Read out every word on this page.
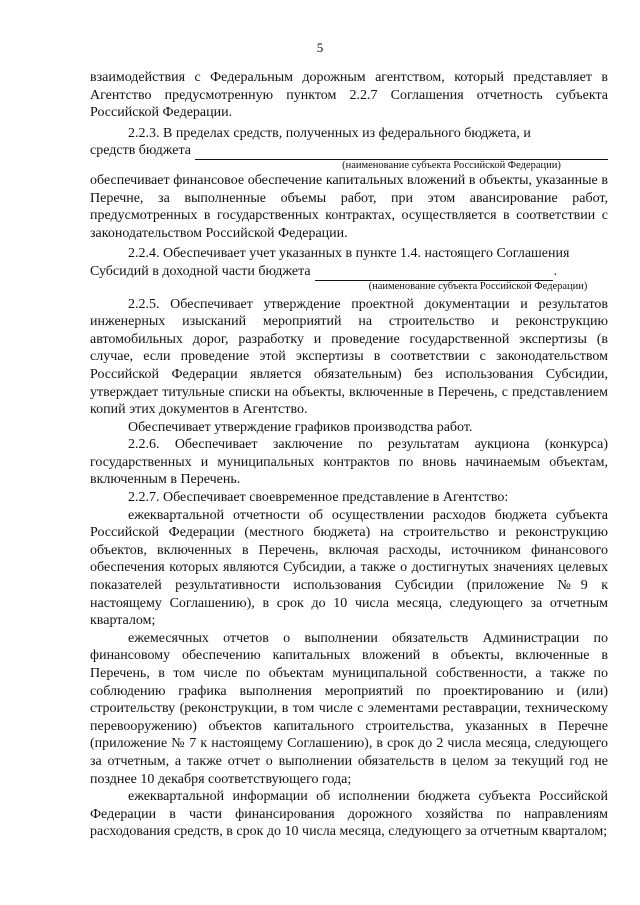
5

взаимодействия с Федеральным дорожным агентством, который представляет в Агентство предусмотренную пунктом 2.2.7 Соглашения отчетность субъекта Российской Федерации.

2.2.3. В пределах средств, полученных из федерального бюджета, и

средств бюджета
(наименование субъекта Российской Федерации)

обеспечивает финансовое обеспечение капитальных вложений в объекты, указанные в Перечне, за выполненные объемы работ, при этом авансирование работ, предусмотренных в государственных контрактах, осуществляется в соответствии с законодательством Российской Федерации.

2.2.4. Обеспечивает учет указанных в пункте 1.4. настоящего Соглашения

Субсидий в доходной части бюджета	.
(наименование субъекта Российской Федерации)

2.2.5. Обеспечивает утверждение проектной документации и результатов инженерных изысканий мероприятий на строительство и реконструкцию автомобильных дорог, разработку и проведение государственной экспертизы (в случае, если проведение этой экспертизы в соответствии с законодательством Российской Федерации является обязательным) без использования Субсидии, утверждает титульные списки на объекты, включенные в Перечень, с представлением копий этих документов в Агентство.

Обеспечивает утверждение графиков производства работ.

2.2.6. Обеспечивает заключение по результатам аукциона (конкурса) государственных и муниципальных контрактов по вновь начинаемым объектам, включенным в Перечень.

2.2.7. Обеспечивает своевременное представление в Агентство:

ежеквартальной отчетности об осуществлении расходов бюджета субъекта Российской Федерации (местного бюджета) на строительство и реконструкцию объектов, включенных в Перечень, включая расходы, источником финансового обеспечения которых являются Субсидии, а также о достигнутых значениях целевых показателей результативности использования Субсидии (приложение №9 к настоящему Соглашению), в срок до 10 числа месяца, следующего за отчетным кварталом;

ежемесячных отчетов о выполнении обязательств Администрации по финансовому обеспечению капитальных вложений в объекты, включенные в Перечень, в том числе по объектам муниципальной собственности, а также по соблюдению графика выполнения мероприятий по проектированию и (или) строительству (реконструкции, в том числе с элементами реставрации, техническому перевооружению) объектов капитального строительства, указанных в Перечне (приложение № 7 к настоящему Соглашению), в срок до 2 числа месяца, следующего за отчетным, а также отчет о выполнении обязательств в целом за текущий год не позднее 10 декабря соответствующего года;

ежеквартальной информации об исполнении бюджета субъекта Российской Федерации в части финансирования дорожного хозяйства по направлениям расходования средств, в срок до 10 числа месяца, следующего за отчетным кварталом;
